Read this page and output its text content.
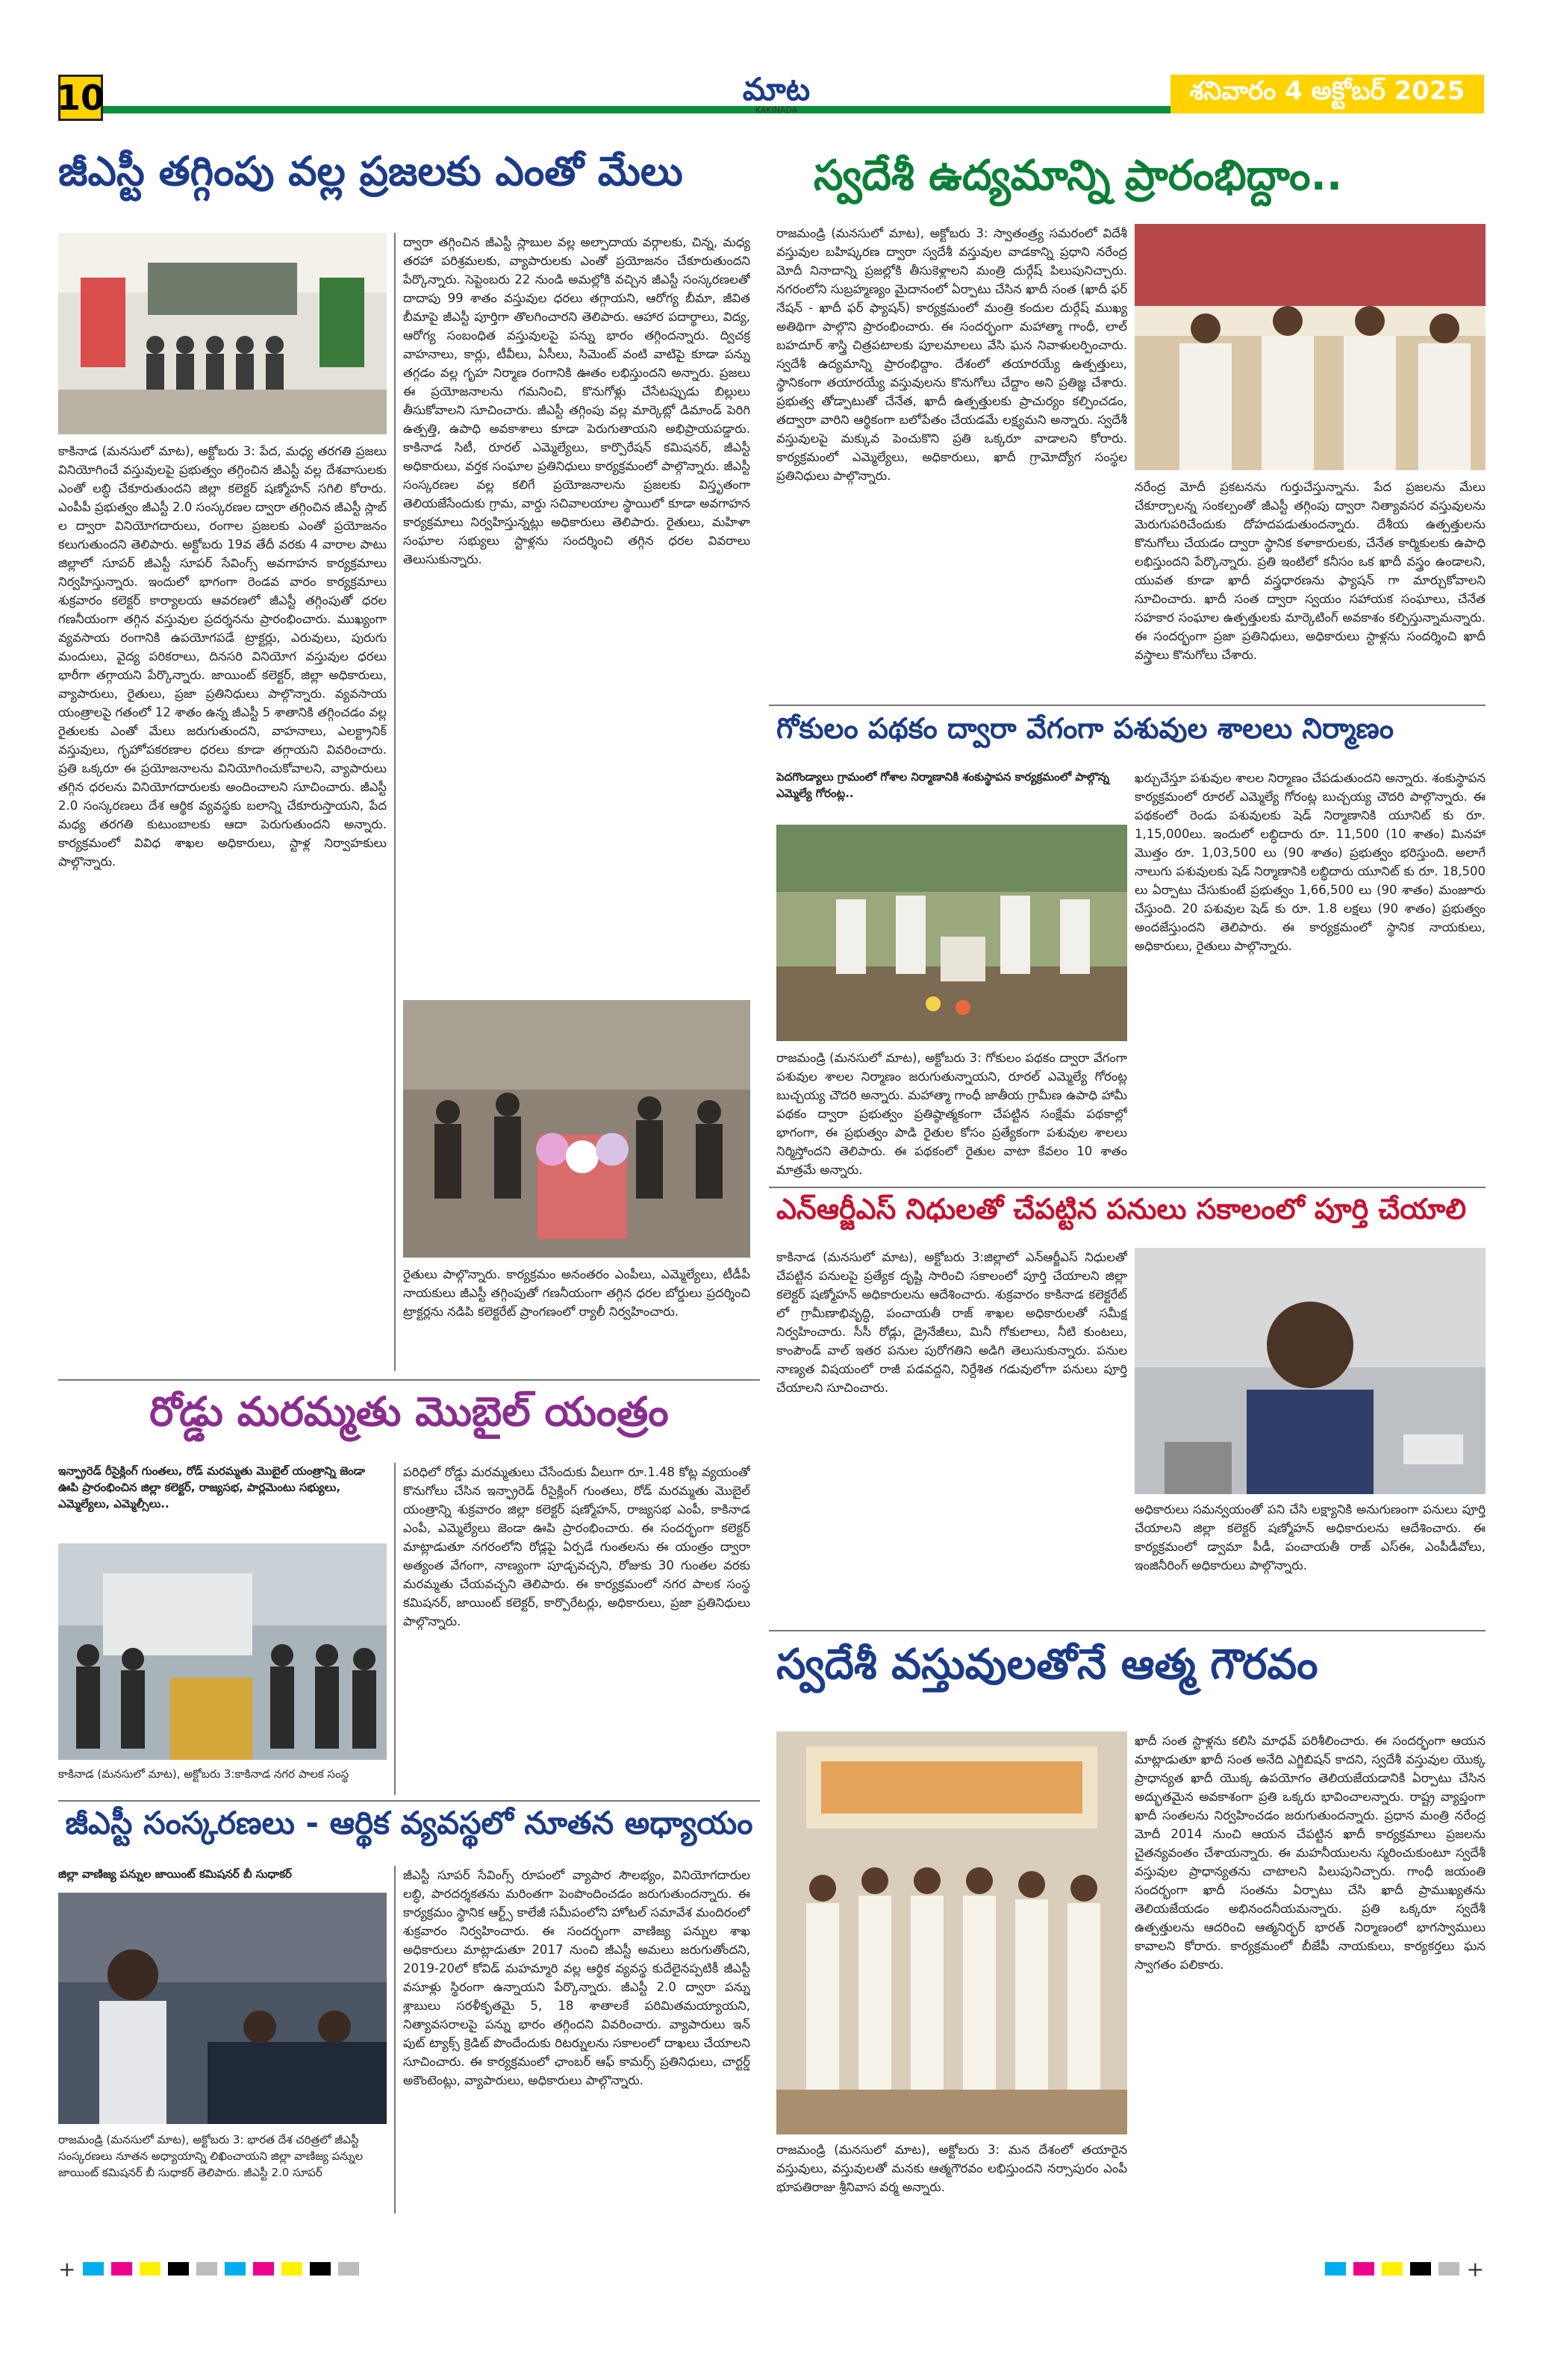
10	మాట
KAKINADA
శనివారం 4 అక్టోబర్ 2025
జీఎస్టీ తగ్గింపు వల్ల ప్రజలకు ఎంతో మేలు
కాకినాడ (మనసులో మాట), అక్టోబరు 3: పేద, మధ్య తరగతి ప్రజలు వినియోగించే వస్తువులపై ప్రభుత్వం తగ్గించిన జీఎస్టీ వల్ల దేశవాసులకు ఎంతో లబ్ధి చేకూరుతుందని జిల్లా కలెక్టర్ షణ్మోహన్ సగిలి కోరారు. ఎంపీపీ ప్రభుత్వం జీఎస్టీ 2.0 సంస్కరణల ద్వారా తగ్గించిన జీఎస్టీ స్లాబ్ ల ద్వారా వినియోగదారులు, రంగాల ప్రజలకు ఎంతో ప్రయోజనం కలుగుతుందని తెలిపారు. అక్టోబరు 19వ తేదీ వరకు 4 వారాల పాటు జిల్లాలో సూపర్ జీఎస్టీ సూపర్ సేవింగ్స్ అవగాహన కార్యక్రమాలు నిర్వహిస్తున్నారు. ఇందులో భాగంగా రెండవ వారం కార్యక్రమాలు శుక్రవారం కలెక్టర్ కార్యాలయ ఆవరణలో జీఎస్టీ తగ్గింపుతో ధరల గణనీయంగా తగ్గిన వస్తువుల ప్రదర్శనను ప్రారంభించారు. ముఖ్యంగా వ్యవసాయ రంగానికి ఉపయోగపడే ట్రాక్టర్లు, ఎరువులు, పురుగు మందులు, వైద్య పరికరాలు, దినసరి వినియోగ వస్తువుల ధరలు భారీగా తగ్గాయని పేర్కొన్నారు. జాయింట్ కలెక్టర్, జిల్లా అధికారులు, వ్యాపారులు, రైతులు, ప్రజా ప్రతినిధులు పాల్గొన్నారు. వ్యవసాయ యంత్రాలపై గతంలో 12 శాతం ఉన్న జీఎస్టీ 5 శాతానికి తగ్గించడం వల్ల రైతులకు ఎంతో మేలు జరుగుతుందని, వాహనాలు, ఎలక్ట్రానిక్ వస్తువులు, గృహోపకరణాల ధరలు కూడా తగ్గాయని వివరించారు. ప్రతి ఒక్కరూ ఈ ప్రయోజనాలను వినియోగించుకోవాలని, వ్యాపారులు తగ్గిన ధరలను వినియోగదారులకు అందించాలని సూచించారు. జీఎస్టీ 2.0 సంస్కరణలు దేశ ఆర్థిక వ్యవస్థకు బలాన్ని చేకూరుస్తాయని, పేద మధ్య తరగతి కుటుంబాలకు ఆదా పెరుగుతుందని అన్నారు. కార్యక్రమంలో వివిధ శాఖల అధికారులు, స్టాళ్ల నిర్వాహకులు పాల్గొన్నారు.
ద్వారా తగ్గించిన జీఎస్టీ స్లాబుల వల్ల అల్పాదాయ వర్గాలకు, చిన్న, మధ్య తరహా పరిశ్రమలకు, వ్యాపారులకు ఎంతో ప్రయోజనం చేకూరుతుందని పేర్కొన్నారు. సెప్టెంబరు 22 నుండి అమల్లోకి వచ్చిన జీఎస్టీ సంస్కరణలతో దాదాపు 99 శాతం వస్తువుల ధరలు తగ్గాయని, ఆరోగ్య బీమా, జీవిత బీమాపై జీఎస్టీ పూర్తిగా తొలగించారని తెలిపారు. ఆహార పదార్థాలు, విద్య, ఆరోగ్య సంబంధిత వస్తువులపై పన్ను భారం తగ్గిందన్నారు. ద్విచక్ర వాహనాలు, కార్లు, టీవీలు, ఏసీలు, సిమెంట్ వంటి వాటిపై కూడా పన్ను తగ్గడం వల్ల గృహ నిర్మాణ రంగానికి ఊతం లభిస్తుందని అన్నారు. ప్రజలు ఈ ప్రయోజనాలను గమనించి, కొనుగోళ్లు చేసేటప్పుడు బిల్లులు తీసుకోవాలని సూచించారు. జీఎస్టీ తగ్గింపు వల్ల మార్కెట్లో డిమాండ్ పెరిగి ఉత్పత్తి, ఉపాధి అవకాశాలు కూడా పెరుగుతాయని అభిప్రాయపడ్డారు. కాకినాడ సిటీ, రూరల్ ఎమ్మెల్యేలు, కార్పొరేషన్ కమిషనర్, జీఎస్టీ అధికారులు, వర్తక సంఘాల ప్రతినిధులు కార్యక్రమంలో పాల్గొన్నారు. జీఎస్టీ సంస్కరణల వల్ల కలిగే ప్రయోజనాలను ప్రజలకు విస్తృతంగా తెలియజేసేందుకు గ్రామ, వార్డు సచివాలయాల స్థాయిలో కూడా అవగాహన కార్యక్రమాలు నిర్వహిస్తున్నట్లు అధికారులు తెలిపారు. రైతులు, మహిళా సంఘాల సభ్యులు స్టాళ్లను సందర్శించి తగ్గిన ధరల వివరాలు తెలుసుకున్నారు.
రైతులు పాల్గొన్నారు. కార్యక్రమం అనంతరం ఎంపీలు, ఎమ్మెల్యేలు, టీడీపీ నాయకులు జీఎస్టీ తగ్గింపుతో గణనీయంగా తగ్గిన ధరల బోర్డులు ప్రదర్శించి ట్రాక్టర్లను నడిపి కలెక్టరేట్ ప్రాంగణంలో ర్యాలీ నిర్వహించారు.
స్వదేశీ ఉద్యమాన్ని ప్రారంభిద్దాం..
రాజమండ్రి (మనసులో మాట), అక్టోబరు 3: స్వాతంత్ర్య సమరంలో విదేశీ వస్తువుల బహిష్కరణ ద్వారా స్వదేశీ వస్తువుల వాడకాన్ని ప్రధాని నరేంద్ర మోదీ నినాదాన్ని ప్రజల్లోకి తీసుకెళ్లాలని మంత్రి దుర్గేష్ పిలుపునిచ్చారు. నగరంలోని సుబ్రహ్మణ్యం మైదానంలో ఏర్పాటు చేసిన ఖాదీ సంత (ఖాదీ ఫర్ నేషన్ - ఖాదీ ఫర్ ఫ్యాషన్) కార్యక్రమంలో మంత్రి కందుల దుర్గేష్ ముఖ్య అతిథిగా పాల్గొని ప్రారంభించారు. ఈ సందర్భంగా మహాత్మా గాంధీ, లాల్ బహదూర్ శాస్త్రి చిత్రపటాలకు పూలమాలలు వేసి ఘన నివాళులర్పించారు. స్వదేశీ ఉద్యమాన్ని ప్రారంభిద్దాం. దేశంలో తయారయ్యే ఉత్పత్తులు, స్థానికంగా తయారయ్యే వస్తువులను కొనుగోలు చేద్దాం అని ప్రతిజ్ఞ చేశారు. ప్రభుత్వ తోడ్పాటుతో చేనేత, ఖాదీ ఉత్పత్తులకు ప్రాచుర్యం కల్పించడం, తద్వారా వారిని ఆర్థికంగా బలోపేతం చేయడమే లక్ష్యమని అన్నారు. స్వదేశీ వస్తువులపై మక్కువ పెంచుకొని ప్రతి ఒక్కరూ వాడాలని కోరారు. కార్యక్రమంలో ఎమ్మెల్యేలు, అధికారులు, ఖాదీ గ్రామోద్యోగ సంస్థల ప్రతినిధులు పాల్గొన్నారు.
నరేంద్ర మోదీ ప్రకటనను గుర్తుచేస్తున్నాను. పేద ప్రజలను మేలు చేకూర్చాలన్న సంకల్పంతో జీఎస్టీ తగ్గింపు ద్వారా నిత్యావసర వస్తువులను మెరుగుపరిచేందుకు దోహదపడుతుందన్నారు. దేశీయ ఉత్పత్తులను కొనుగోలు చేయడం ద్వారా స్థానిక కళాకారులకు, చేనేత కార్మికులకు ఉపాధి లభిస్తుందని పేర్కొన్నారు. ప్రతి ఇంటిలో కనీసం ఒక ఖాదీ వస్త్రం ఉండాలని, యువత కూడా ఖాదీ వస్త్రధారణను ఫ్యాషన్ గా మార్చుకోవాలని సూచించారు. ఖాదీ సంత ద్వారా స్వయం సహాయక సంఘాలు, చేనేత సహకార సంఘాల ఉత్పత్తులకు మార్కెటింగ్ అవకాశం కల్పిస్తున్నామన్నారు. ఈ సందర్భంగా ప్రజా ప్రతినిధులు, అధికారులు స్టాళ్లను సందర్శించి ఖాదీ వస్త్రాలు కొనుగోలు చేశారు.
గోకులం పథకం ద్వారా వేగంగా పశువుల శాలలు నిర్మాణం
పెదగొండ్యాలు గ్రామంలో గోశాల నిర్మాణానికి శంకుస్థాపన కార్యక్రమంలో పాల్గొన్న ఎమ్మెల్యే గోరంట్ల..
రాజమండ్రి (మనసులో మాట), అక్టోబరు 3: గోకులం పథకం ద్వారా వేగంగా పశువుల శాలల నిర్మాణం జరుగుతున్నాయని, రూరల్ ఎమ్మెల్యే గోరంట్ల బుచ్చయ్య చౌదరి అన్నారు. మహాత్మా గాంధీ జాతీయ గ్రామీణ ఉపాధి హామీ పథకం ద్వారా ప్రభుత్వం ప్రతిష్ఠాత్మకంగా చేపట్టిన సంక్షేమ పథకాల్లో భాగంగా, ఈ ప్రభుత్వం పాడి రైతుల కోసం ప్రత్యేకంగా పశువుల శాలలు నిర్మిస్తోందని తెలిపారు. ఈ పథకంలో రైతుల వాటా కేవలం 10 శాతం మాత్రమే అన్నారు.
ఖర్చుచేస్తూ పశువుల శాలల నిర్మాణం చేపడుతుందని అన్నారు. శంకుస్థాపన కార్యక్రమంలో రూరల్ ఎమ్మెల్యే గోరంట్ల బుచ్చయ్య చౌదరి పాల్గొన్నారు. ఈ పథకంలో రెండు పశువులకు షెడ్ నిర్మాణానికి యూనిట్ కు రూ. 1,15,000లు. ఇందులో లబ్ధిదారు రూ. 11,500 (10 శాతం) మినహా మొత్తం రూ. 1,03,500 లు (90 శాతం) ప్రభుత్వం భరిస్తుంది. అలాగే నాలుగు పశువులకు షెడ్ నిర్మాణానికి లబ్ధిదారు యూనిట్ కు రూ. 18,500 లు ఏర్పాటు చేసుకుంటే ప్రభుత్వం 1,66,500 లు (90 శాతం) మంజూరు చేస్తుంది. 20 పశువుల షెడ్ కు రూ. 1.8 లక్షలు (90 శాతం) ప్రభుత్వం అందజేస్తుందని తెలిపారు. ఈ కార్యక్రమంలో స్థానిక నాయకులు, అధికారులు, రైతులు పాల్గొన్నారు.
ఎన్ఆర్జీఎస్ నిధులతో చేపట్టిన పనులు సకాలంలో పూర్తి చేయాలి
కాకినాడ (మనసులో మాట), అక్టోబరు 3:జిల్లాలో ఎన్ఆర్జీఎస్ నిధులతో చేపట్టిన పనులపై ప్రత్యేక దృష్టి సారించి సకాలంలో పూర్తి చేయాలని జిల్లా కలెక్టర్ షణ్మోహన్ అధికారులను ఆదేశించారు. శుక్రవారం కాకినాడ కలెక్టరేట్ లో గ్రామీణాభివృద్ధి, పంచాయతీ రాజ్ శాఖల అధికారులతో సమీక్ష నిర్వహించారు. సీసీ రోడ్లు, డ్రైనేజీలు, మినీ గోకులాలు, నీటి కుంటలు, కాంపౌండ్ వాల్ ఇతర పనుల పురోగతిని అడిగి తెలుసుకున్నారు. పనుల నాణ్యత విషయంలో రాజీ పడవద్దని, నిర్దేశిత గడువులోగా పనులు పూర్తి చేయాలని సూచించారు.
అధికారులు సమన్వయంతో పని చేసి లక్ష్యానికి అనుగుణంగా పనులు పూర్తి చేయాలని జిల్లా కలెక్టర్ షణ్మోహన్ అధికారులను ఆదేశించారు. ఈ కార్యక్రమంలో డ్వామా పీడీ, పంచాయతీ రాజ్ ఎస్ఈ, ఎంపీడీవోలు, ఇంజినీరింగ్ అధికారులు పాల్గొన్నారు.
రోడ్డు మరమ్మతు మొబైల్ యంత్రం
ఇన్ఫ్రారెడ్ రీసైక్లింగ్ గుంతలు, రోడ్ మరమ్మతు మొబైల్ యంత్రాన్ని జెండా ఊపి ప్రారంభించిన జిల్లా కలెక్టర్, రాజ్యసభ, పార్లమెంటు సభ్యులు, ఎమ్మెల్యేలు, ఎమ్మెల్సీలు..
కాకినాడ (మనసులో మాట), అక్టోబరు 3:కాకినాడ నగర పాలక సంస్థ
పరిధిలో రోడ్డు మరమ్మతులు చేసేందుకు వీలుగా రూ.1.48 కోట్ల వ్యయంతో కొనుగోలు చేసిన ఇన్ఫ్రారెడ్ రీసైక్లింగ్ గుంతలు, రోడ్ మరమ్మతు మొబైల్ యంత్రాన్ని శుక్రవారం జిల్లా కలెక్టర్ షణ్మోహన్, రాజ్యసభ ఎంపీ, కాకినాడ ఎంపీ, ఎమ్మెల్యేలు జెండా ఊపి ప్రారంభించారు. ఈ సందర్భంగా కలెక్టర్ మాట్లాడుతూ నగరంలోని రోడ్లపై ఏర్పడే గుంతలను ఈ యంత్రం ద్వారా అత్యంత వేగంగా, నాణ్యంగా పూడ్చవచ్చని, రోజుకు 30 గుంతల వరకు మరమ్మతు చేయవచ్చని తెలిపారు. ఈ కార్యక్రమంలో నగర పాలక సంస్థ కమిషనర్, జాయింట్ కలెక్టర్, కార్పొరేటర్లు, అధికారులు, ప్రజా ప్రతినిధులు పాల్గొన్నారు.
జీఎస్టీ సంస్కరణలు - ఆర్థిక వ్యవస్థలో నూతన అధ్యాయం
జిల్లా వాణిజ్య పన్నుల జాయింట్ కమిషనర్ బీ సుధాకర్
రాజమండ్రి (మనసులో మాట), అక్టోబరు 3: భారత దేశ చరిత్రలో జీఎస్టీ సంస్కరణలు నూతన అధ్యాయాన్ని లిఖించాయని జిల్లా వాణిజ్య పన్నుల జాయింట్ కమిషనర్ బీ సుధాకర్ తెలిపారు. జీఎస్టీ 2.0 సూపర్
జీఎస్టీ సూపర్ సేవింగ్స్ రూపంలో వ్యాపార సౌలభ్యం, వినియోగదారుల లబ్ధి, పారదర్శకతను మరింతగా పెంపొందించడం జరుగుతుందన్నారు. ఈ కార్యక్రమం స్థానిక ఆర్ట్స్ కాలేజీ సమీపంలోని హోటల్ సమావేశ మందిరంలో శుక్రవారం నిర్వహించారు. ఈ సందర్భంగా వాణిజ్య పన్నుల శాఖ అధికారులు మాట్లాడుతూ 2017 నుంచి జీఎస్టీ అమలు జరుగుతోందని, 2019-20లో కోవిడ్ మహమ్మారి వల్ల ఆర్థిక వ్యవస్థ కుదేలైనప్పటికీ జీఎస్టీ వసూళ్లు స్థిరంగా ఉన్నాయని పేర్కొన్నారు. జీఎస్టీ 2.0 ద్వారా పన్ను శ్లాబులు సరళీకృతమై 5, 18 శాతాలకే పరిమితమయ్యాయని, నిత్యావసరాలపై పన్ను భారం తగ్గిందని వివరించారు. వ్యాపారులు ఇన్ పుట్ ట్యాక్స్ క్రెడిట్ పొందేందుకు రిటర్నులను సకాలంలో దాఖలు చేయాలని సూచించారు. ఈ కార్యక్రమంలో ఛాంబర్ ఆఫ్ కామర్స్ ప్రతినిధులు, చార్టర్డ్ అకౌంటెంట్లు, వ్యాపారులు, అధికారులు పాల్గొన్నారు.
స్వదేశీ వస్తువులతోనే ఆత్మ గౌరవం
రాజమండ్రి (మనసులో మాట), అక్టోబరు 3: మన దేశంలో తయారైన వస్తువులు, వస్తువులతో మనకు ఆత్మగౌరవం లభిస్తుందని నర్సాపురం ఎంపీ భూపతిరాజు శ్రీనివాస వర్మ అన్నారు.
ఖాదీ సంత స్టాళ్లను కలిసి మాధవ్ పరిశీలించారు. ఈ సందర్భంగా ఆయన మాట్లాడుతూ ఖాదీ సంత అనేది ఎగ్జిబిషన్ కాదని, స్వదేశీ వస్తువుల యొక్క ప్రాధాన్యత ఖాదీ యొక్క ఉపయోగం తెలియజేయడానికి ఏర్పాటు చేసిన అద్భుతమైన అవకాశంగా ప్రతి ఒక్కరు భావించాలన్నారు. రాష్ట్ర వ్యాప్తంగా ఖాదీ సంతలను నిర్వహించడం జరుగుతుందన్నారు. ప్రధాన మంత్రి నరేంద్ర మోదీ 2014 నుంచి ఆయన చేపట్టిన ఖాదీ కార్యక్రమాలు ప్రజలను చైతన్యవంతం చేశాయన్నారు. ఈ మహనీయులను స్మరించుకుంటూ స్వదేశీ వస్తువుల ప్రాధాన్యతను చాటాలని పిలుపునిచ్చారు. గాంధీ జయంతి సందర్భంగా ఖాదీ సంతను ఏర్పాటు చేసి ఖాదీ ప్రాముఖ్యతను తెలియజేయడం అభినందనీయమన్నారు. ప్రతి ఒక్కరూ స్వదేశీ ఉత్పత్తులను ఆదరించి ఆత్మనిర్భర్ భారత్ నిర్మాణంలో భాగస్వాములు కావాలని కోరారు. కార్యక్రమంలో బీజేపీ నాయకులు, కార్యకర్తలు ఘన స్వాగతం పలికారు.
+	+
